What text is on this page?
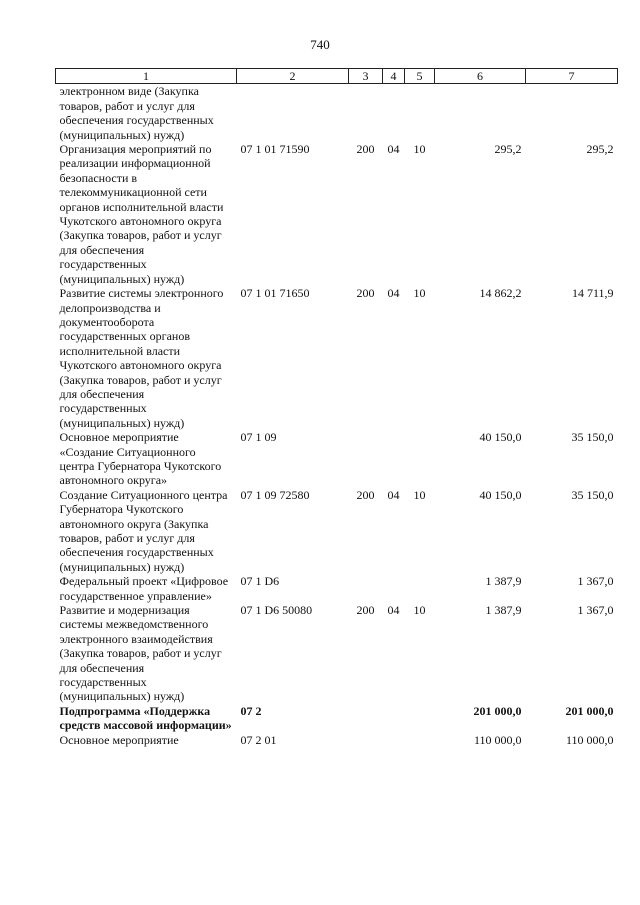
740
1	2	3	4	5	6	7
электронном виде (Закупка товаров, работ и услуг для обеспечения государственных (муниципальных) нужд)						
Организация мероприятий по реализации информационной безопасности в телекоммуникационной сети органов исполнительной власти Чукотского автономного округа (Закупка товаров, работ и услуг для обеспечения государственных (муниципальных) нужд)	07 1 01 71590	200	04	10	295,2	295,2
Развитие системы электронного делопроизводства и документооборота государственных органов исполнительной власти Чукотского автономного округа (Закупка товаров, работ и услуг для обеспечения государственных (муниципальных) нужд)	07 1 01 71650	200	04	10	14 862,2	14 711,9
Основное мероприятие «Создание Ситуационного центра Губернатора Чукотского автономного округа»	07 1 09				40 150,0	35 150,0
Создание Ситуационного центра Губернатора Чукотского автономного округа (Закупка товаров, работ и услуг для обеспечения государственных (муниципальных) нужд)	07 1 09 72580	200	04	10	40 150,0	35 150,0
Федеральный проект «Цифровое государственное управление»	07 1 D6				1 387,9	1 367,0
Развитие и модернизация системы межведомственного электронного взаимодействия (Закупка товаров, работ и услуг для обеспечения государственных (муниципальных) нужд)	07 1 D6 50080	200	04	10	1 387,9	1 367,0
Подпрограмма «Поддержка средств массовой информации»	07 2				201 000,0	201 000,0
Основное мероприятие	07 2 01				110 000,0	110 000,0
